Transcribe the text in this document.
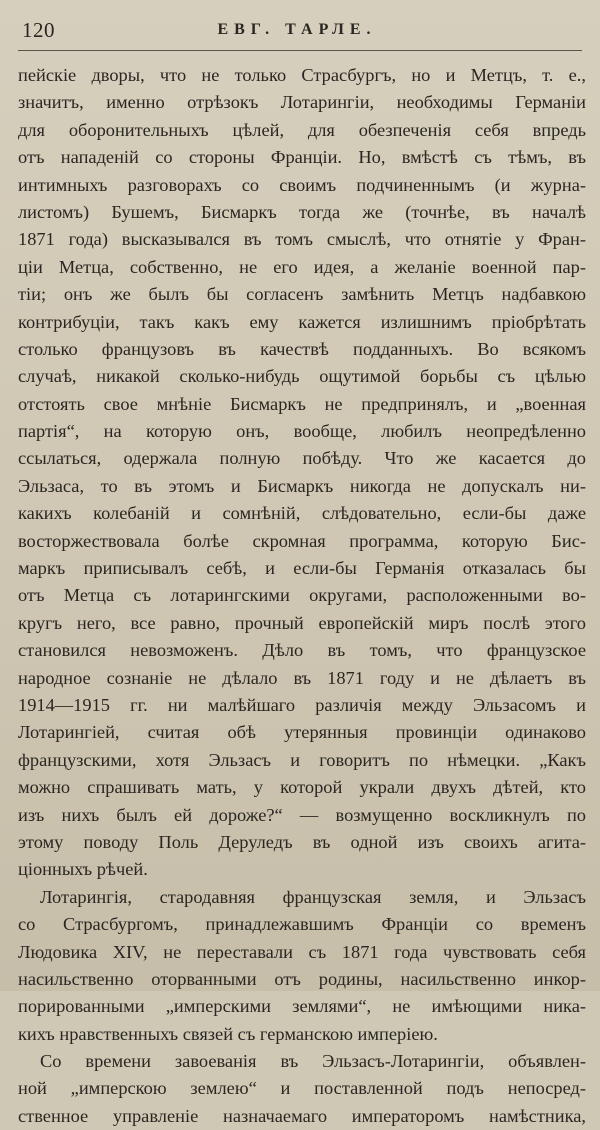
120	ЕВГ. ТАРЛЕ.
пейскіе дворы, что не только Страсбургъ, но и Метцъ, т. е.,
значитъ, именно отрѣзокъ Лотарингіи, необходимы Германіи
для оборонительныхъ цѣлей, для обезпеченія себя впредь
отъ нападеній со стороны Франціи. Но, вмѣстѣ съ тѣмъ, въ
интимныхъ разговорахъ со своимъ подчиненнымъ (и журна-
листомъ) Бушемъ, Бисмаркъ тогда же (точнѣе, въ началѣ
1871 года) высказывался въ томъ смыслѣ, что отнятіе у Фран-
ціи Метца, собственно, не его идея, а желаніе военной пар-
тіи; онъ же былъ бы согласенъ замѣнить Метцъ надбавкою
контрибуціи, такъ какъ ему кажется излишнимъ пріобрѣтать
столько французовъ въ качествѣ подданныхъ. Во всякомъ
случаѣ, никакой сколько-нибудь ощутимой борьбы съ цѣлью
отстоять свое мнѣніе Бисмаркъ не предпринялъ, и „военная
партія“, на которую онъ, вообще, любилъ неопредѣленно
ссылаться, одержала полную побѣду. Что же касается до
Эльзаса, то въ этомъ и Бисмаркъ никогда не допускалъ ни-
какихъ колебаній и сомнѣній, слѣдовательно, если-бы даже
восторжествовала болѣе скромная программа, которую Бис-
маркъ приписывалъ себѣ, и если-бы Германія отказалась бы
отъ Метца съ лотарингскими округами, расположенными во-
кругъ него, все равно, прочный европейскій миръ послѣ этого
становился невозможенъ. Дѣло въ томъ, что французское
народное сознаніе не дѣлало въ 1871 году и не дѣлаетъ въ
1914—1915 гг. ни малѣйшаго различія между Эльзасомъ и
Лотарингіей, считая обѣ утерянныя провинціи одинаково
французскими, хотя Эльзасъ и говоритъ по нѣмецки. „Какъ
можно спрашивать мать, у которой украли двухъ дѣтей, кто
изъ нихъ былъ ей дороже?“ — возмущенно воскликнулъ по
этому поводу Поль Деруледъ въ одной изъ своихъ агита-
ціонныхъ рѣчей.
Лотарингія, стародавняя французская земля, и Эльзасъ
со Страсбургомъ, принадлежавшимъ Франціи со временъ
Людовика XIV, не переставали съ 1871 года чувствовать себя
насильственно оторванными отъ родины, насильственно инкор-
порированными „имперскими землями“, не имѣющими ника-
кихъ нравственныхъ связей съ германскою имперіею.
Со времени завоеванія въ Эльзасъ-Лотарингіи, объявлен-
ной „имперскою землею“ и поставленной подъ непосред-
ственное управленіе назначаемаго императоромъ намѣстника,
